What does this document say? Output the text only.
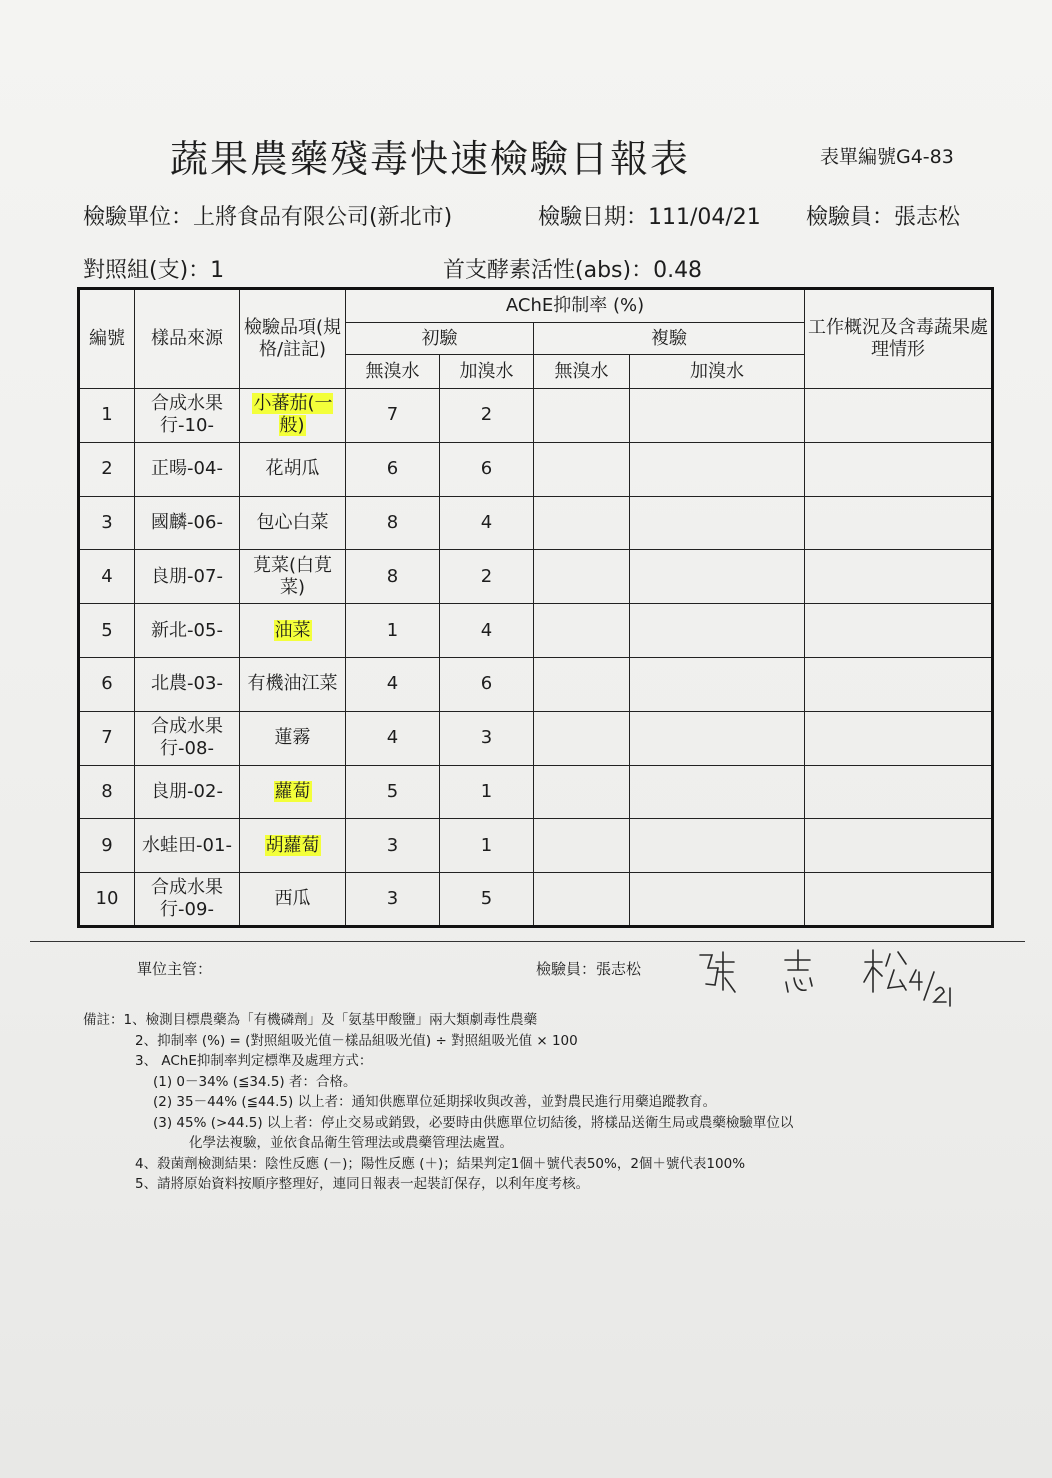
蔬果農藥殘毒快速檢驗日報表	表單編號G4-83
檢驗單位：上將食品有限公司(新北市)	檢驗日期：111/04/21 檢驗員：張志松
對照組(支)：1	首支酵素活性(abs)：0.48
編號	樣品來源	檢驗品項(規格/註記)	AChE抑制率 (%)				工作概況及含毒蔬果處理情形
			初驗		複驗		
			無溴水	加溴水	無溴水	加溴水	
1	合成水果行-10-	小蕃茄(一般)	7	2			
2	正暘-04-	花胡瓜	6	6			
3	國麟-06-	包心白菜	8	4			
4	良朋-07-	莧菜(白莧菜)	8	2			
5	新北-05-	油菜	1	4			
6	北農-03-	有機油江菜	4	6			
7	合成水果行-08-	蓮霧	4	3			
8	良朋-02-	蘿蔔	5	1			
9	水蛙田-01-	胡蘿蔔	3	1			
10	合成水果行-09-	西瓜	3	5			
單位主管：	檢驗員：張志松
備註：1、檢測目標農藥為「有機磷劑」及「氨基甲酸鹽」兩大類劇毒性農藥
2、抑制率 (%) = (對照組吸光值－樣品組吸光值) ÷ 對照組吸光值 × 100
3、 AChE抑制率判定標準及處理方式：
(1) 0－34% (≦34.5) 者：合格。
(2) 35－44% (≦44.5) 以上者：通知供應單位延期採收與改善，並對農民進行用藥追蹤教育。
(3) 45% (>44.5) 以上者：停止交易或銷毀，必要時由供應單位切結後，將樣品送衛生局或農藥檢驗單位以
化學法複驗，並依食品衛生管理法或農藥管理法處置。
4、殺菌劑檢測結果：陰性反應 (－)；陽性反應 (＋)；結果判定1個＋號代表50%，2個＋號代表100%
5、請將原始資料按順序整理好，連同日報表一起裝訂保存，以利年度考核。
